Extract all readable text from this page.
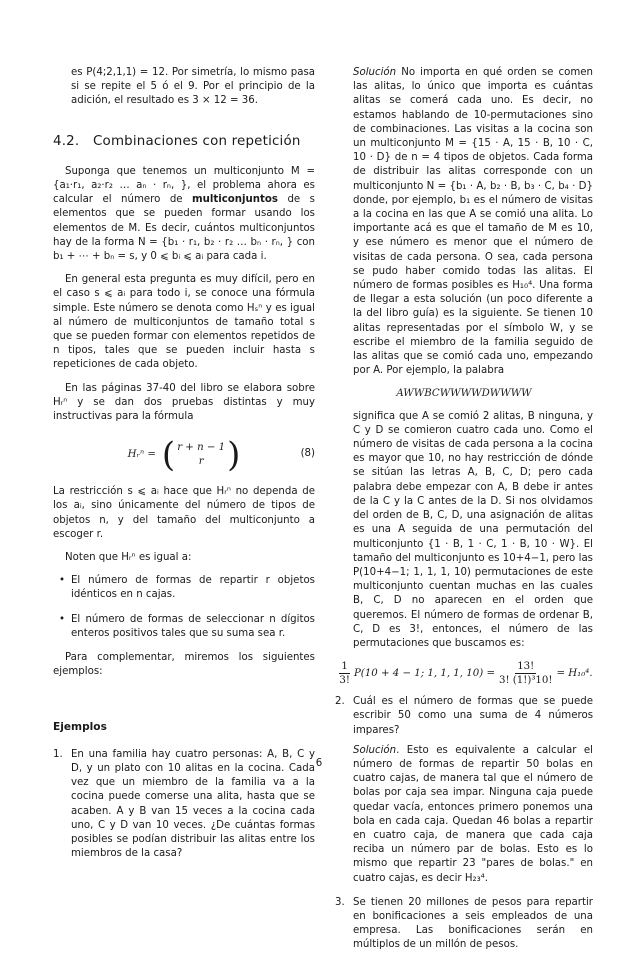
es P(4;2,1,1) = 12. Por simetría, lo mismo pasa si se repite el 5 ó el 9. Por el principio de la adición, el resultado es 3 × 12 = 36.

4.2. Combinaciones con repetición

Suponga que tenemos un multiconjunto M = {a₁·r₁, a₂·r₂ … aₙ · rₙ, }, el problema ahora es calcular el número de multiconjuntos de s elementos que se pueden formar usando los elementos de M. Es decir, cuántos multiconjuntos hay de la forma N = {b₁ · r₁, b₂ · r₂ … bₙ · rₙ, } con b₁ + ⋯ + bₙ = s, y 0 ⩽ bᵢ ⩽ aᵢ para cada i.

En general esta pregunta es muy difícil, pero en el caso s ⩽ aᵢ para todo i, se conoce una fórmula simple. Este número se denota como Hₛⁿ y es igual al número de multiconjuntos de tamaño total s que se pueden formar con elementos repetidos de n tipos, tales que se pueden incluir hasta s repeticiones de cada objeto.

En las páginas 37-40 del libro se elabora sobre Hᵣⁿ y se dan dos pruebas distintas y muy instructivas para la fórmula

Hᵣⁿ = ( r + n − 1
r )	(8)

La restricción s ⩽ aᵢ hace que Hᵣⁿ no dependa de los aᵢ, sino únicamente del número de tipos de objetos n, y del tamaño del multiconjunto a escoger r.

Noten que Hᵣⁿ es igual a:

• El número de formas de repartir r objetos idénticos en n cajas.
• El número de formas de seleccionar n dígitos enteros positivos tales que su suma sea r.

Para complementar, miremos los siguientes ejemplos:

Ejemplos
1. En una familia hay cuatro personas: A, B, C y D, y un plato con 10 alitas en la cocina. Cada vez que un miembro de la familia va a la cocina puede comerse una alita, hasta que se acaben. A y B van 15 veces a la cocina cada uno, C y D van 10 veces. ¿De cuántas formas posibles se podían distribuir las alitas entre los miembros de la casa?

Solución No importa en qué orden se comen las alitas, lo único que importa es cuántas alitas se comerá cada uno. Es decir, no estamos hablando de 10-permutaciones sino de combinaciones. Las visitas a la cocina son un multiconjunto M = {15 · A, 15 · B, 10 · C, 10 · D} de n = 4 tipos de objetos. Cada forma de distribuir las alitas corresponde con un multiconjunto N = {b₁ · A, b₂ · B, b₃ · C, b₄ · D} donde, por ejemplo, b₁ es el número de visitas a la cocina en las que A se comió una alita. Lo importante acá es que el tamaño de M es 10, y ese número es menor que el número de visitas de cada persona. O sea, cada persona se pudo haber comido todas las alitas. El número de formas posibles es H₁₀⁴. Una forma de llegar a esta solución (un poco diferente a la del libro guía) es la siguiente. Se tienen 10 alitas representadas por el símbolo W, y se escribe el miembro de la familia seguido de las alitas que se comió cada uno, empezando por A. Por ejemplo, la palabra

AWWBCWWWWDWWWW

significa que A se comió 2 alitas, B ninguna, y C y D se comieron cuatro cada uno. Como el número de visitas de cada persona a la cocina es mayor que 10, no hay restricción de dónde se sitúan las letras A, B, C, D; pero cada palabra debe empezar con A, B debe ir antes de la C y la C antes de la D. Si nos olvidamos del orden de B, C, D, una asignación de alitas es una A seguida de una permutación del multiconjunto {1 · B, 1 · C, 1 · B, 10 · W}. El tamaño del multiconjunto es 10+4−1, pero las P(10+4−1; 1, 1, 1, 10) permutaciones de este multiconjunto cuentan muchas en las cuales B, C, D no aparecen en el orden que queremos. El número de formas de ordenar B, C, D es 3!, entonces, el número de las permutaciones que buscamos es:

$\frac{1}{3!} P(10 + 4 - 1$; 1, 1, 1, $10) = \frac{13!}{\text{3! (1!)³10!}} = H_{10}^4$.
2. Cuál es el número de formas que se puede escribir 50 como una suma de 4 números impares?
Solución. Esto es equivalente a calcular el número de formas de repartir 50 bolas en cuatro cajas, de manera tal que el número de bolas por caja sea impar. Ninguna caja puede quedar vacía, entonces primero ponemos una bola en cada caja. Quedan 46 bolas a repartir en cuatro caja, de manera que cada caja reciba un número par de bolas. Esto es lo mismo que repartir 23 "pares de bolas." en cuatro cajas, es decir H₂₃⁴.
3. Se tienen 20 millones de pesos para repartir en bonificaciones a seis empleados de una empresa. Las bonificaciones serán en múltiplos de un millón de pesos.
6
